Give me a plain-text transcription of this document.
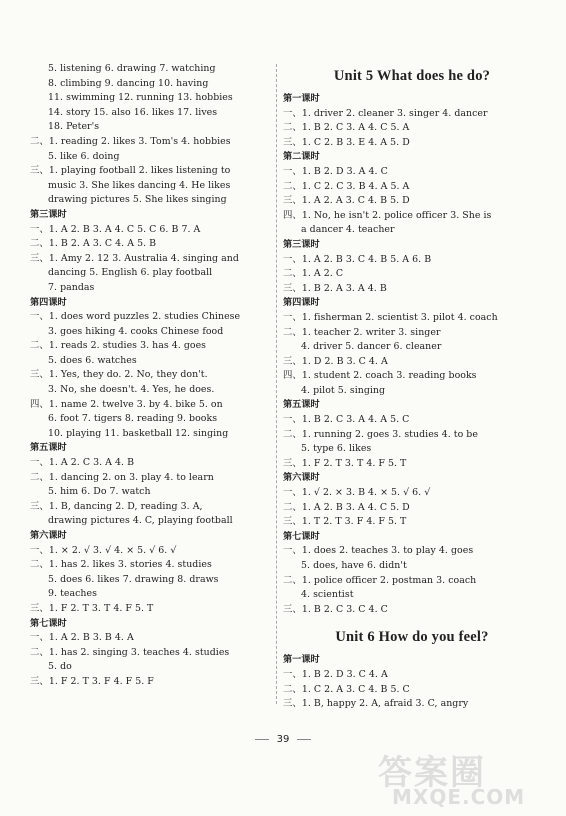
5. listening 6. drawing 7. watching
8. climbing 9. dancing 10. having
11. swimming 12. running 13. hobbies
14. story 15. also 16. likes 17. lives
18. Peter's
二、1. reading 2. likes 3. Tom's 4. hobbies
5. like 6. doing
三、1. playing football 2. likes listening to
music 3. She likes dancing 4. He likes
drawing pictures 5. She likes singing
第三课时
一、1. A 2. B 3. A 4. C 5. C 6. B 7. A
二、1. B 2. A 3. C 4. A 5. B
三、1. Amy 2. 12 3. Australia 4. singing and
dancing 5. English 6. play football
7. pandas
第四课时
一、1. does word puzzles 2. studies Chinese
3. goes hiking 4. cooks Chinese food
二、1. reads 2. studies 3. has 4. goes
5. does 6. watches
三、1. Yes, they do. 2. No, they don't.
3. No, she doesn't. 4. Yes, he does.
四、1. name 2. twelve 3. by 4. bike 5. on
6. foot 7. tigers 8. reading 9. books
10. playing 11. basketball 12. singing
第五课时
一、1. A 2. C 3. A 4. B
二、1. dancing 2. on 3. play 4. to learn
5. him 6. Do 7. watch
三、1. B, dancing 2. D, reading 3. A,
drawing pictures 4. C, playing football
第六课时
一、1. × 2. √ 3. √ 4. × 5. √ 6. √
二、1. has 2. likes 3. stories 4. studies
5. does 6. likes 7. drawing 8. draws
9. teaches
三、1. F 2. T 3. T 4. F 5. T
第七课时
一、1. A 2. B 3. B 4. A
二、1. has 2. singing 3. teaches 4. studies
5. do
三、1. F 2. T 3. F 4. F 5. F
Unit 5 What does he do?
第一课时
一、1. driver 2. cleaner 3. singer 4. dancer
二、1. B 2. C 3. A 4. C 5. A
三、1. C 2. B 3. E 4. A 5. D
第二课时
一、1. B 2. D 3. A 4. C
二、1. C 2. C 3. B 4. A 5. A
三、1. A 2. A 3. C 4. B 5. D
四、1. No, he isn't 2. police officer 3. She is
a dancer 4. teacher
第三课时
一、1. A 2. B 3. C 4. B 5. A 6. B
二、1. A 2. C
三、1. B 2. A 3. A 4. B
第四课时
一、1. fisherman 2. scientist 3. pilot 4. coach
二、1. teacher 2. writer 3. singer
4. driver 5. dancer 6. cleaner
三、1. D 2. B 3. C 4. A
四、1. student 2. coach 3. reading books
4. pilot 5. singing
第五课时
一、1. B 2. C 3. A 4. A 5. C
二、1. running 2. goes 3. studies 4. to be
5. type 6. likes
三、1. F 2. T 3. T 4. F 5. T
第六课时
一、1. √ 2. × 3. B 4. × 5. √ 6. √
二、1. A 2. B 3. A 4. C 5. D
三、1. T 2. T 3. F 4. F 5. T
第七课时
一、1. does 2. teaches 3. to play 4. goes
5. does, have 6. didn't
二、1. police officer 2. postman 3. coach
4. scientist
三、1. B 2. C 3. C 4. C
Unit 6 How do you feel?
第一课时
一、1. B 2. D 3. C 4. A
二、1. C 2. A 3. C 4. B 5. C
三、1. B, happy 2. A, afraid 3. C, angry
39
答案圈
MXQE.COM
